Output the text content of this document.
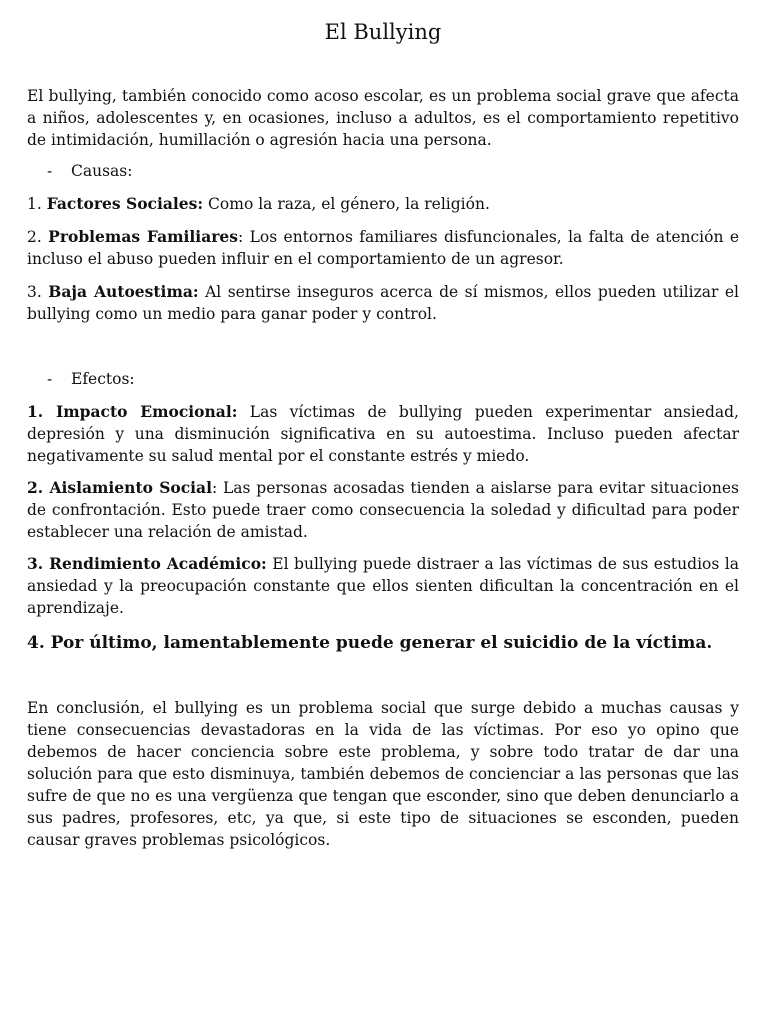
El Bullying
El bullying, también conocido como acoso escolar, es un problema social grave que afecta a niños, adolescentes y, en ocasiones, incluso a adultos, es el comportamiento repetitivo de intimidación, humillación o agresión hacia una persona.
- Causas:
1. Factores Sociales: Como la raza, el género, la religión.
2. Problemas Familiares: Los entornos familiares disfuncionales, la falta de atención e incluso el abuso pueden influir en el comportamiento de un agresor.
3. Baja Autoestima: Al sentirse inseguros acerca de sí mismos, ellos pueden utilizar el bullying como un medio para ganar poder y control.
- Efectos:
1. Impacto Emocional: Las víctimas de bullying pueden experimentar ansiedad, depresión y una disminución significativa en su autoestima. Incluso pueden afectar negativamente su salud mental por el constante estrés y miedo.
2. Aislamiento Social: Las personas acosadas tienden a aislarse para evitar situaciones de confrontación. Esto puede traer como consecuencia la soledad y dificultad para poder establecer una relación de amistad.
3. Rendimiento Académico: El bullying puede distraer a las víctimas de sus estudios la ansiedad y la preocupación constante que ellos sienten dificultan la concentración en el aprendizaje.
4. Por último, lamentablemente puede generar el suicidio de la víctima.
En conclusión, el bullying es un problema social que surge debido a muchas causas y tiene consecuencias devastadoras en la vida de las víctimas. Por eso yo opino que debemos de hacer conciencia sobre este problema, y sobre todo tratar de dar una solución para que esto disminuya, también debemos de concienciar a las personas que las sufre de que no es una vergüenza que tengan que esconder, sino que deben denunciarlo a sus padres, profesores, etc, ya que, si este tipo de situaciones se esconden, pueden causar graves problemas psicológicos.
